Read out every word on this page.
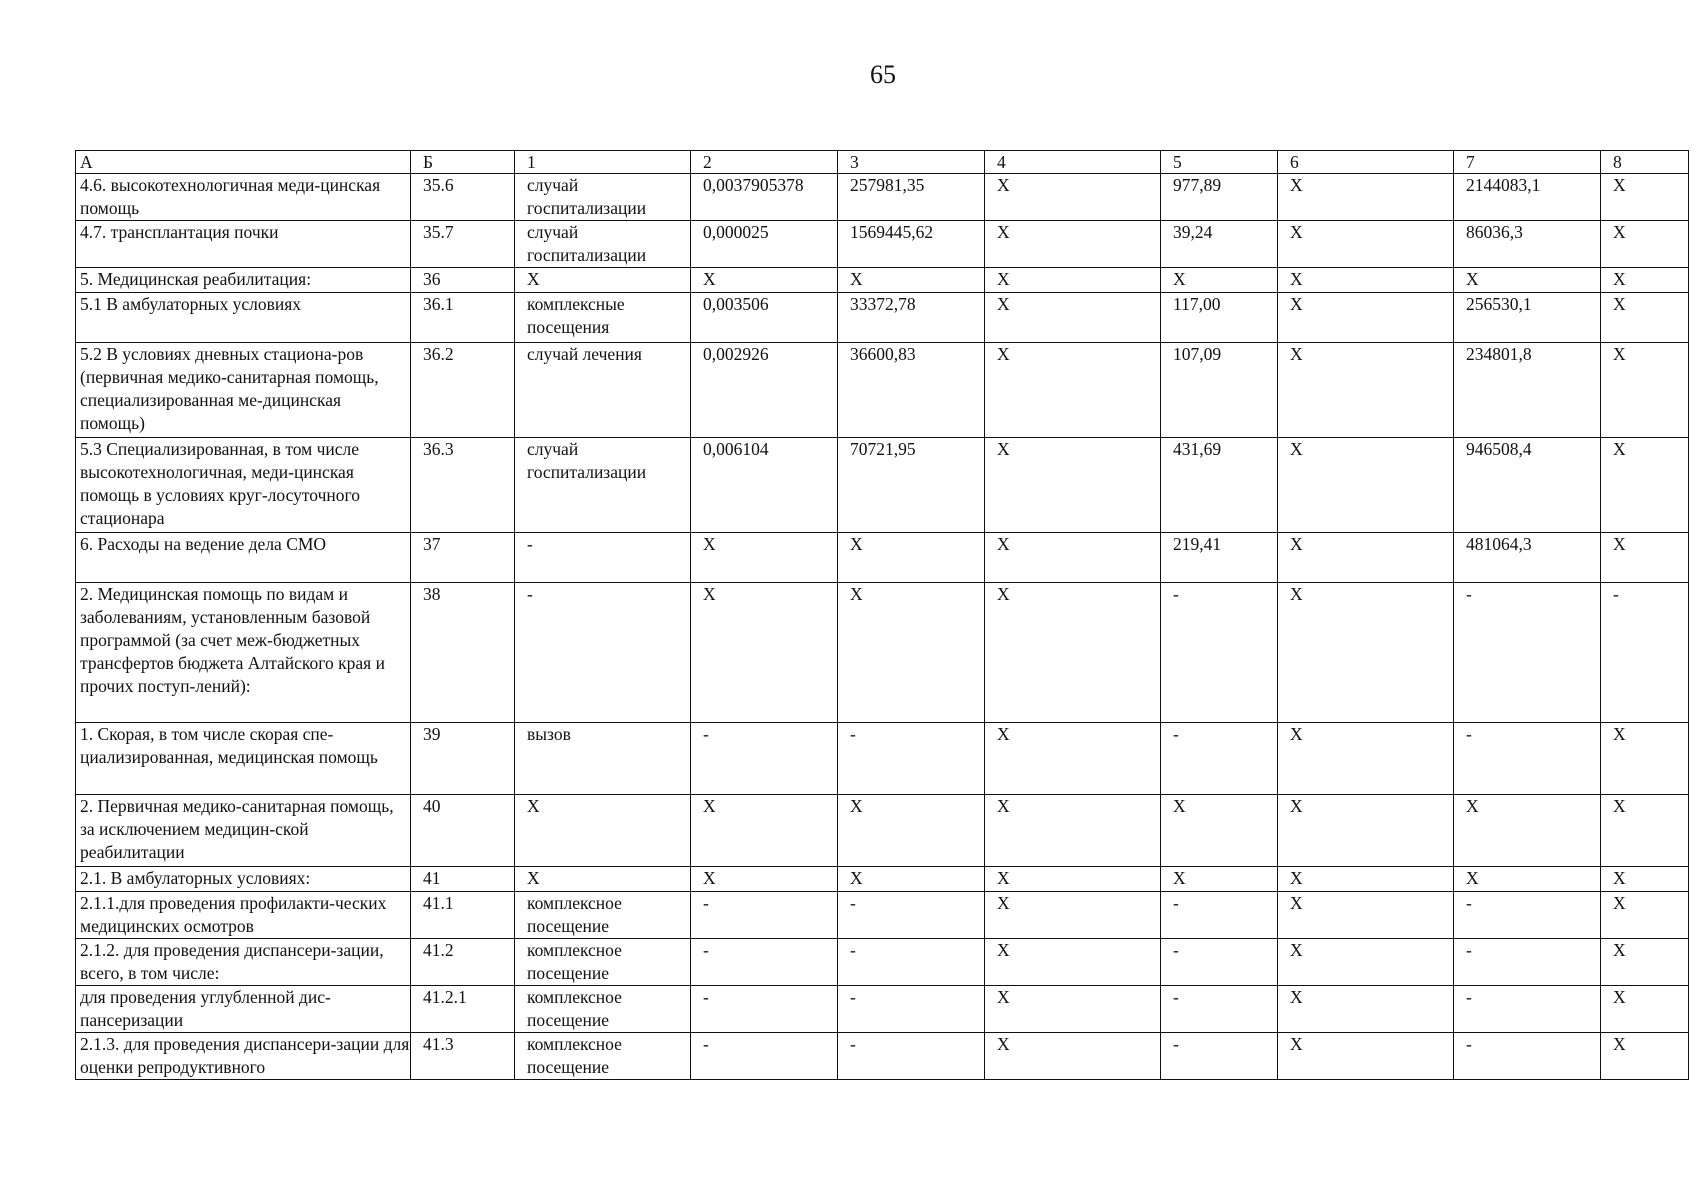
65
А	Б	1	2	3	4	5	6	7	8
4.6. высокотехнологичная меди-цинская помощь	35.6	случай госпитализации	0,0037905378	257981,35	Х	977,89	Х	2144083,1	Х
4.7. трансплантация почки	35.7	случай госпитализации	0,000025	1569445,62	Х	39,24	Х	86036,3	Х
5. Медицинская реабилитация:	36	Х	Х	Х	Х	Х	Х	Х	Х
5.1 В амбулаторных условиях	36.1	комплексные посещения	0,003506	33372,78	Х	117,00	Х	256530,1	Х
5.2 В условиях дневных стациона-ров (первичная медико-санитарная помощь, специализированная ме-дицинская помощь)	36.2	случай лечения	0,002926	36600,83	Х	107,09	Х	234801,8	Х
5.3 Специализированная, в том числе высокотехнологичная, меди-цинская помощь в условиях круг-лосуточного стационара	36.3	случай госпитализации	0,006104	70721,95	Х	431,69	Х	946508,4	Х
6. Расходы на ведение дела СМО	37	-	Х	Х	Х	219,41	Х	481064,3	Х
2. Медицинская помощь по видам и заболеваниям, установленным базовой программой (за счет меж-бюджетных трансфертов бюджета Алтайского края и прочих поступ-лений):	38	-	Х	Х	Х	-	Х	-	-
1. Скорая, в том числе скорая спе-циализированная, медицинская помощь	39	вызов	-	-	Х	-	Х	-	Х
2. Первичная медико-санитарная помощь, за исключением медицин-ской реабилитации	40	Х	Х	Х	Х	Х	Х	Х	Х
2.1. В амбулаторных условиях:	41	Х	Х	Х	Х	Х	Х	Х	Х
2.1.1.для проведения профилакти-ческих медицинских осмотров	41.1	комплексное посещение	-	-	Х	-	Х	-	Х
2.1.2. для проведения диспансери-зации, всего, в том числе:	41.2	комплексное посещение	-	-	Х	-	Х	-	Х
для проведения углубленной дис-пансеризации	41.2.1	комплексное посещение	-	-	Х	-	Х	-	Х
2.1.3. для проведения диспансери-зации для оценки репродуктивного	41.3	комплексное посещение	-	-	Х	-	Х	-	Х
